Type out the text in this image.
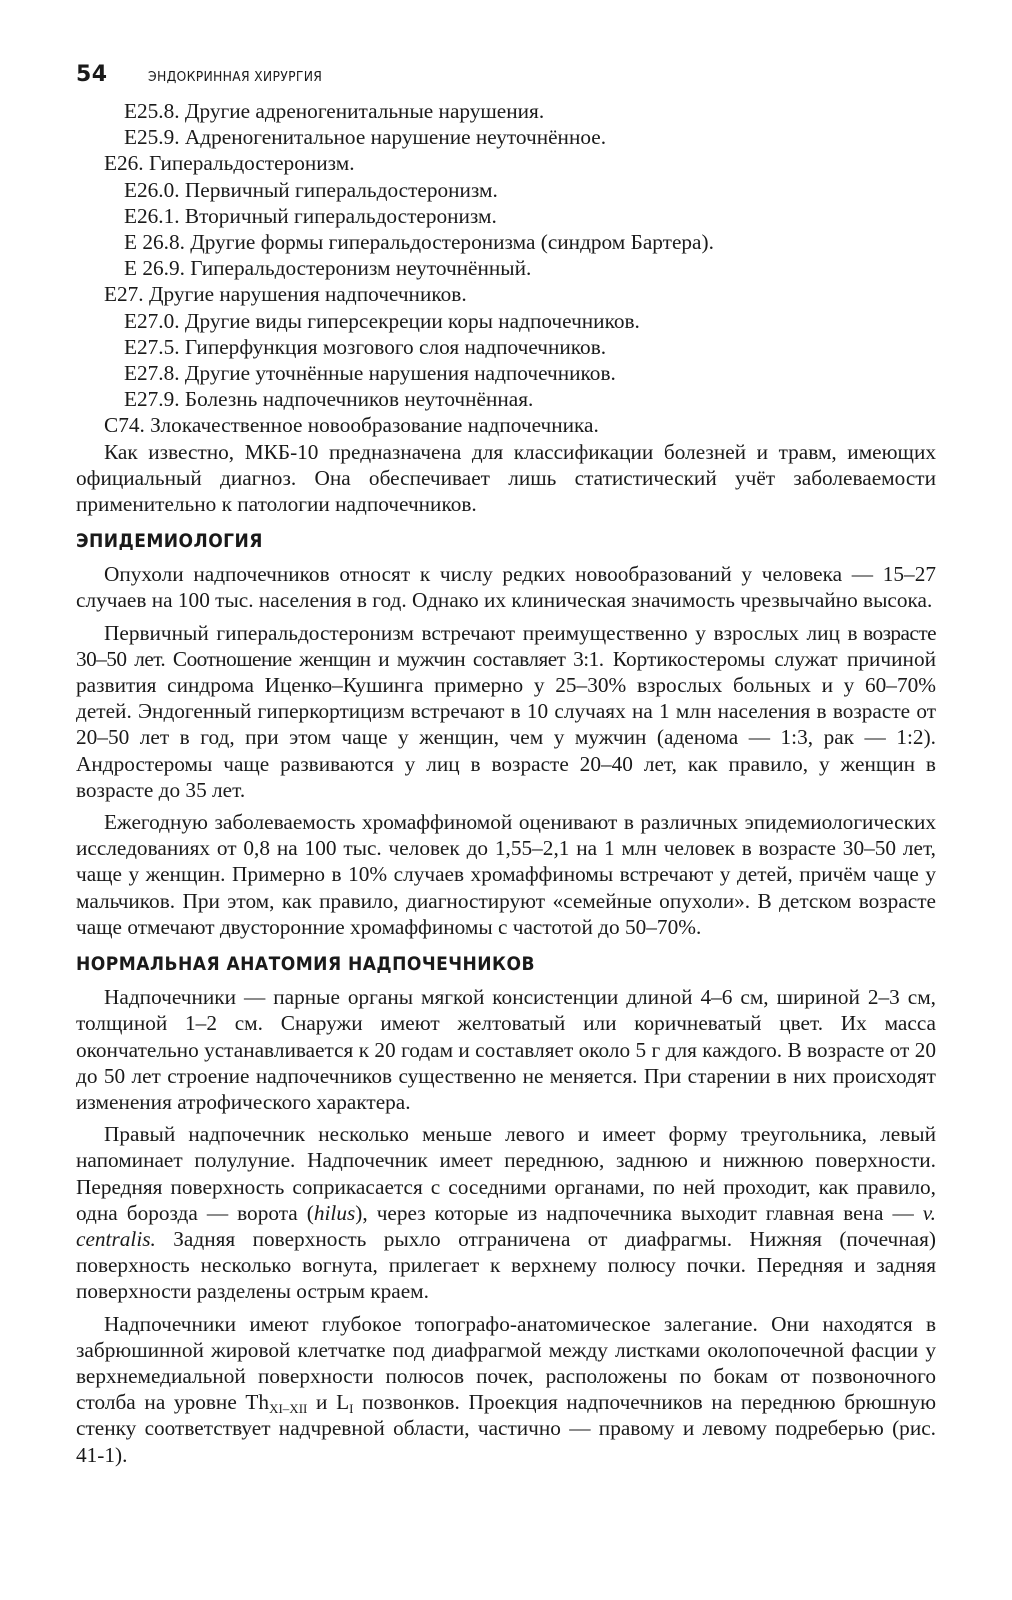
54	ЭНДОКРИННАЯ ХИРУРГИЯ
E25.8. Другие адреногенитальные нарушения.
E25.9. Адреногенитальное нарушение неуточнённое.
E26. Гиперальдостеронизм.
E26.0. Первичный гиперальдостеронизм.
E26.1. Вторичный гиперальдостеронизм.
E 26.8. Другие формы гиперальдостеронизма (синдром Бартера).
E 26.9. Гиперальдостеронизм неуточнённый.
E27. Другие нарушения надпочечников.
E27.0. Другие виды гиперсекреции коры надпочечников.
E27.5. Гиперфункция мозгового слоя надпочечников.
E27.8. Другие уточнённые нарушения надпочечников.
E27.9. Болезнь надпочечников неуточнённая.
C74. Злокачественное новообразование надпочечника.

Как известно, МКБ-10 предназначена для классификации болезней и травм, имеющих официальный диагноз. Она обеспечивает лишь статистический учёт заболеваемости применительно к патологии надпочечников.

ЭПИДЕМИОЛОГИЯ

Опухоли надпочечников относят к числу редких новообразований у человека — 15–27 случаев на 100 тыс. населения в год. Однако их клиническая значимость чрезвычайно высока.

Первичный гиперальдостеронизм встречают преимущественно у взрослых лиц в возрасте 30–50 лет. Соотношение женщин и мужчин составляет 3:1. Кортикостеромы служат причиной развития синдрома Иценко–Кушинга примерно у 25–30% взрослых больных и у 60–70% детей. Эндогенный гиперкортицизм встречают в 10 случаях на 1 млн населения в возрасте от 20–50 лет в год, при этом чаще у женщин, чем у мужчин (аденома — 1:3, рак — 1:2). Андростеромы чаще развиваются у лиц в возрасте 20–40 лет, как правило, у женщин в возрасте до 35 лет.

Ежегодную заболеваемость хромаффиномой оценивают в различных эпидемиологических исследованиях от 0,8 на 100 тыс. человек до 1,55–2,1 на 1 млн человек в возрасте 30–50 лет, чаще у женщин. Примерно в 10% случаев хромаффиномы встречают у детей, причём чаще у мальчиков. При этом, как правило, диагностируют «семейные опухоли». В детском возрасте чаще отмечают двусторонние хромаффиномы с частотой до 50–70%.

НОРМАЛЬНАЯ АНАТОМИЯ НАДПОЧЕЧНИКОВ

Надпочечники — парные органы мягкой консистенции длиной 4–6 см, шириной 2–3 см, толщиной 1–2 см. Снаружи имеют желтоватый или коричневатый цвет. Их масса окончательно устанавливается к 20 годам и составляет около 5 г для каждого. В возрасте от 20 до 50 лет строение надпочечников существенно не меняется. При старении в них происходят изменения атрофического характера.

Правый надпочечник несколько меньше левого и имеет форму треугольника, левый напоминает полулуние. Надпочечник имеет переднюю, заднюю и нижнюю поверхности. Передняя поверхность соприкасается с соседними органами, по ней проходит, как правило, одна борозда — ворота (hilus), через которые из надпочечника выходит главная вена — v. centralis. Задняя поверхность рыхло отграничена от диафрагмы. Нижняя (почечная) поверхность несколько вогнута, прилегает к верхнему полюсу почки. Передняя и задняя поверхности разделены острым краем.

Надпочечники имеют глубокое топографо-анатомическое залегание. Они находятся в забрюшинной жировой клетчатке под диафрагмой между листками околопочечной фасции у верхнемедиальной поверхности полюсов почек, расположены по бокам от позвоночного столба на уровне $Th_{XI-XII}$ и $L_I$ позвонков. Проекция надпочечников на переднюю брюшную стенку соответствует надчревной области, частично — правому и левому подреберью (рис. 41-1).
